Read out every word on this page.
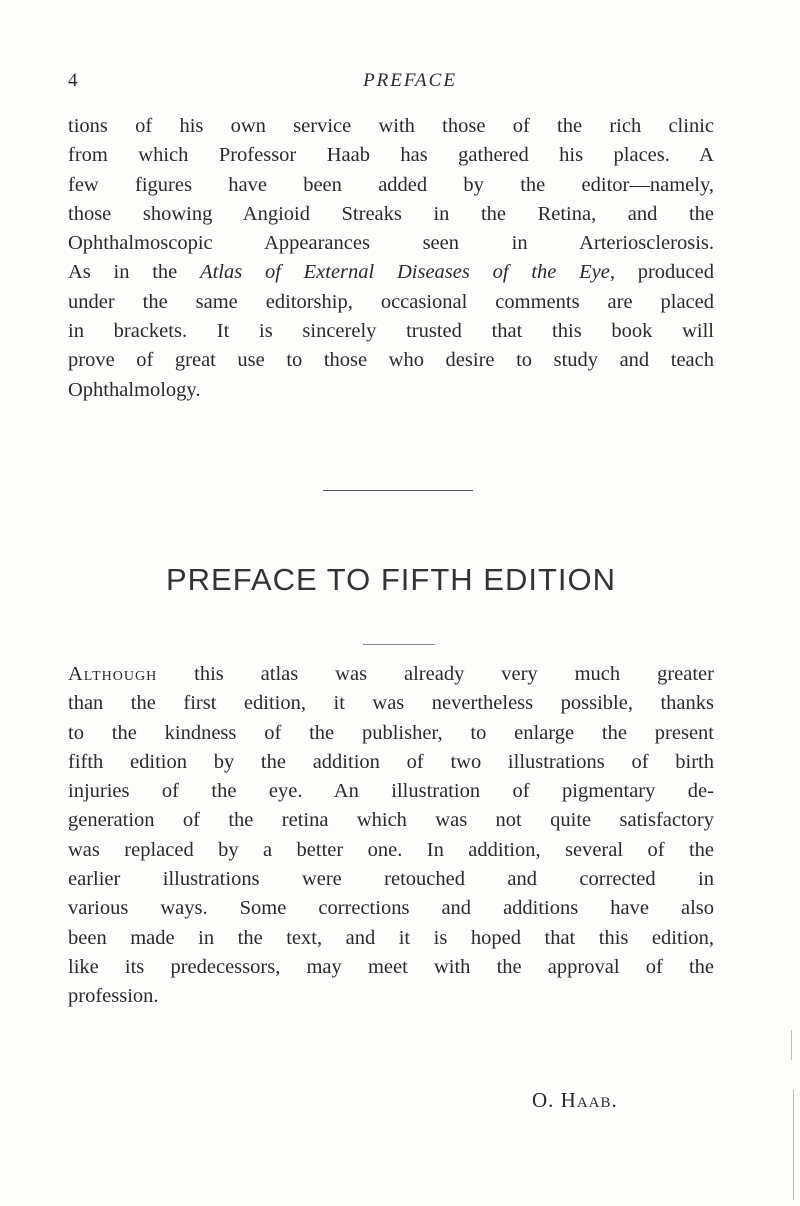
4	PREFACE
tions of his own service with those of the rich clinic
from which Professor Haab has gathered his places. A
few figures have been added by the editor—namely,
those showing Angioid Streaks in the Retina, and the
Ophthalmoscopic Appearances seen in Arteriosclerosis.
As in the Atlas of External Diseases of the Eye, produced
under the same editorship, occasional comments are placed
in brackets. It is sincerely trusted that this book will
prove of great use to those who desire to study and teach
Ophthalmology.
PREFACE TO FIFTH EDITION
Although this atlas was already very much greater
than the first edition, it was nevertheless possible, thanks
to the kindness of the publisher, to enlarge the present
fifth edition by the addition of two illustrations of birth
injuries of the eye. An illustration of pigmentary de-
generation of the retina which was not quite satisfactory
was replaced by a better one. In addition, several of the
earlier illustrations were retouched and corrected in
various ways. Some corrections and additions have also
been made in the text, and it is hoped that this edition,
like its predecessors, may meet with the approval of the
profession.
O. Haab.
